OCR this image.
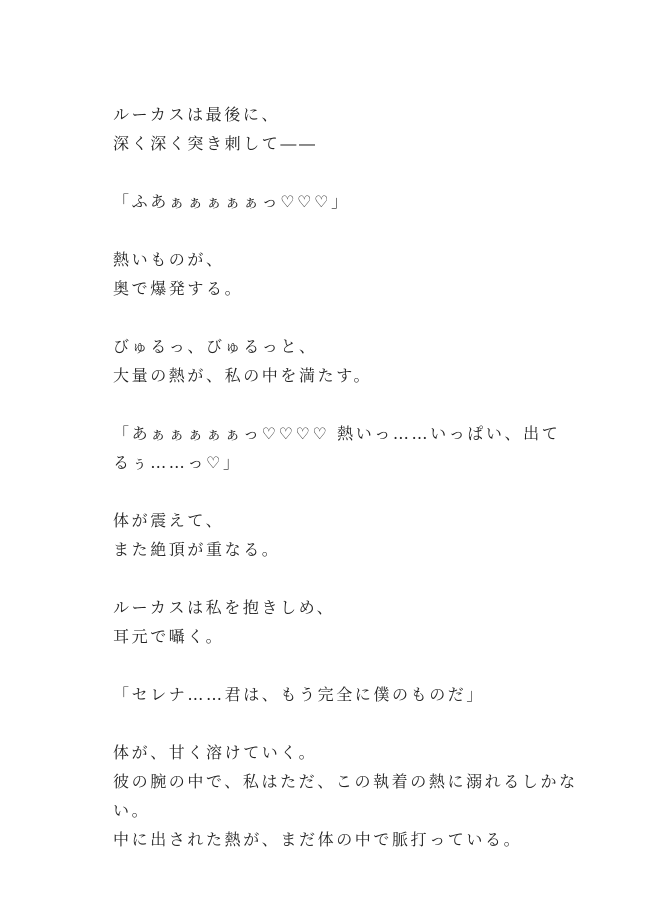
ルーカスは最後に、
深く深く突き刺して――
「ふあぁぁぁぁぁっ♡♡♡」
熱いものが、
奥で爆発する。
びゅるっ、びゅるっと、
大量の熱が、私の中を満たす。
「あぁぁぁぁぁっ♡♡♡♡ 熱いっ……いっぱい、出て
るぅ……っ♡」
体が震えて、
また絶頂が重なる。
ルーカスは私を抱きしめ、
耳元で囁く。
「セレナ……君は、もう完全に僕のものだ」
体が、甘く溶けていく。
彼の腕の中で、私はただ、この執着の熱に溺れるしかな
い。
中に出された熱が、まだ体の中で脈打っている。
